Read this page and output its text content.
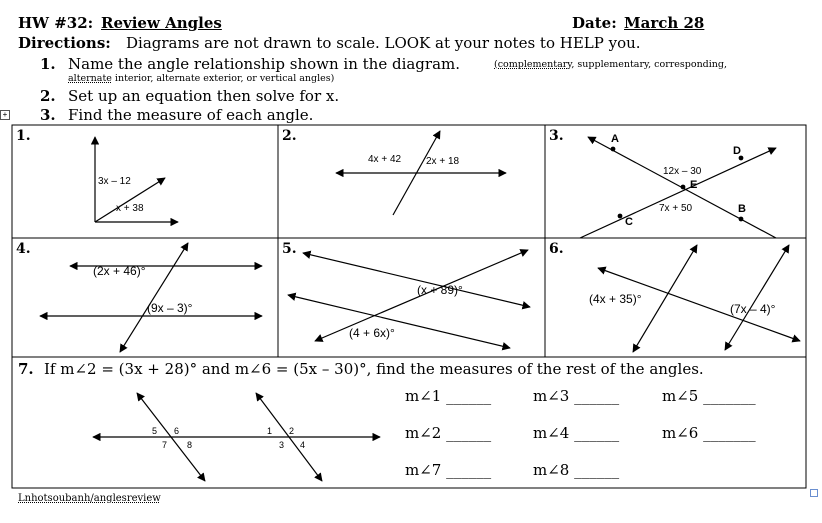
HW #32: Review Angles	Date: March 28
Directions: Diagrams are not drawn to scale. LOOK at your notes to HELP you.
1. Name the angle relationship shown in the diagram.	(complementary, supplementary, corresponding,
alternate interior, alternate exterior, or vertical angles)
2. Set up an equation then solve for x.
3. Find the measure of each angle.
+
1.	2.	3.
4.	5.	6.
3x – 12
x + 38
4x + 42 2x + 18
12x – 30
7x + 50
A
D
E
B
C
(2x + 46)°
(9x – 3)°
(x + 89)°
(4 + 6x)°
(4x + 35)°
(7x – 4)°
7. If m∠2 = (3x + 28)° and m∠6 = (5x – 30)°, find the measures of the rest of the angles.
5 6
7 8
1 2
3 4
m∠1 ______	m∠3 ______	m∠5 _______
m∠2 ______	m∠4 ______	m∠6 _______
m∠7 ______	m∠8 ______
Lnhotsoubanh/anglesreview
